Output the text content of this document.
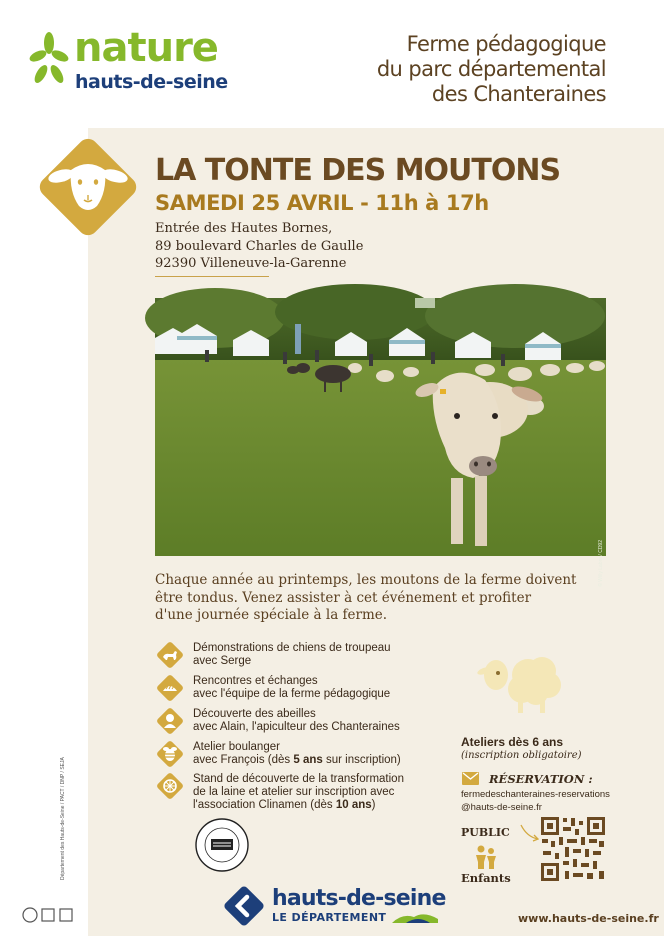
nature
hauts-de-seine
Ferme pédagogique
du parc départemental
des Chanteraines
LA TONTE DES MOUTONS
SAMEDI 25 AVRIL - 11h à 17h
Entrée des Hautes Bornes,
89 boulevard Charles de Gaulle
92390 Villeneuve-la-Garenne
© Willy Labre / CD92
Chaque année au printemps, les moutons de la ferme doivent
être tondus. Venez assister à cet événement et profiter
d'une journée spéciale à la ferme.
Démonstrations de chiens de troupeau
avec Serge
Rencontres et échanges
avec l'équipe de la ferme pédagogique
Découverte des abeilles
avec Alain, l'apiculteur des Chanteraines
Atelier boulanger
avec François (dès 5 ans sur inscription)
Stand de découverte de la transformation
de la laine et atelier sur inscription avec
l'association Clinamen (dès 10 ans)
Ateliers dès 6 ans
(inscription obligatoire)
RÉSERVATION :
fermedeschanteraines-reservations
@hauts-de-seine.fr
PUBLIC
Enfants
hauts-de-seine
LE DÉPARTEMENT	www.hauts-de-seine.fr
Département des Hauts-de-Seine / PACT / DNP / SEJA
